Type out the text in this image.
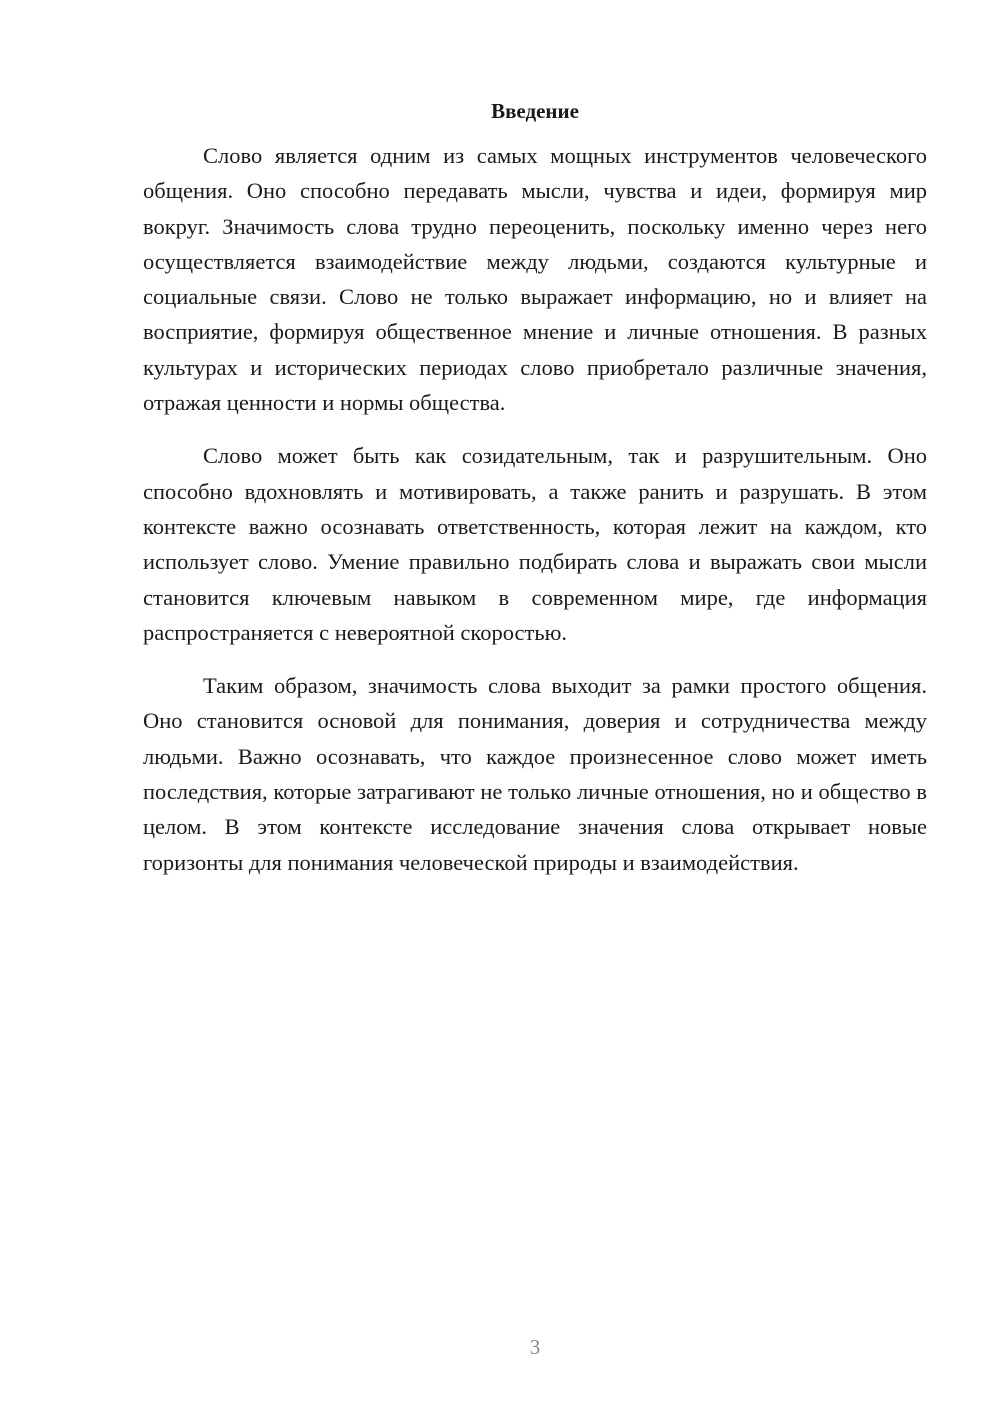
Введение

Слово является одним из самых мощных инструментов человеческого общения. Оно способно передавать мысли, чувства и идеи, формируя мир вокруг. Значимость слова трудно переоценить, поскольку именно через него осуществляется взаимодействие между людьми, создаются культурные и социальные связи. Слово не только выражает информацию, но и влияет на восприятие, формируя общественное мнение и личные отношения. В разных культурах и исторических периодах слово приобретало различные значения, отражая ценности и нормы общества.

Слово может быть как созидательным, так и разрушительным. Оно способно вдохновлять и мотивировать, а также ранить и разрушать. В этом контексте важно осознавать ответственность, которая лежит на каждом, кто использует слово. Умение правильно подбирать слова и выражать свои мысли становится ключевым навыком в современном мире, где информация распространяется с невероятной скоростью.

Таким образом, значимость слова выходит за рамки простого общения. Оно становится основой для понимания, доверия и сотрудничества между людьми. Важно осознавать, что каждое произнесенное слово может иметь последствия, которые затрагивают не только личные отношения, но и общество в целом. В этом контексте исследование значения слова открывает новые горизонты для понимания человеческой природы и взаимодействия.

3
